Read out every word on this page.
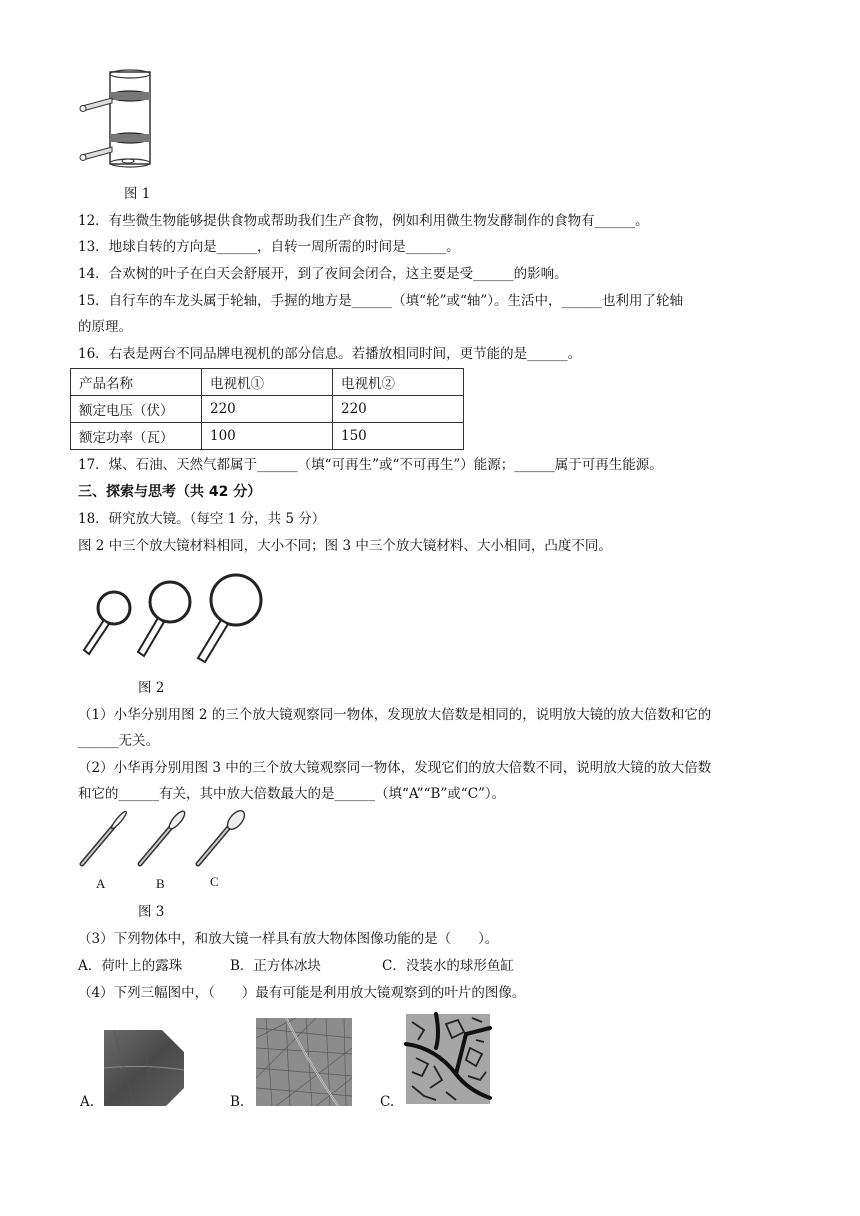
图 1
12．有些微生物能够提供食物或帮助我们生产食物，例如利用微生物发酵制作的食物有______。
13．地球自转的方向是______，自转一周所需的时间是______。
14．合欢树的叶子在白天会舒展开，到了夜间会闭合，这主要是受______的影响。
15．自行车的车龙头属于轮轴，手握的地方是______（填“轮”或“轴”）。生活中，______也利用了轮轴
的原理。
16．右表是两台不同品牌电视机的部分信息。若播放相同时间，更节能的是______。
产品名称	电视机①	电视机②
额定电压（伏）	220	220
额定功率（瓦）	100	150
17．煤、石油、天然气都属于______（填“可再生”或“不可再生”）能源；______属于可再生能源。
三、探索与思考（共 42 分）
18．研究放大镜。（每空 1 分，共 5 分）
图 2 中三个放大镜材料相同，大小不同；图 3 中三个放大镜材料、大小相同，凸度不同。
图 2
（1）小华分别用图 2 的三个放大镜观察同一物体，发现放大倍数是相同的，说明放大镜的放大倍数和它的
______无关。
（2）小华再分别用图 3 中的三个放大镜观察同一物体，发现它们的放大倍数不同，说明放大镜的放大倍数
和它的______有关，其中放大倍数最大的是______（填“A”“B”或“C”）。
A	B	C
图 3
（3）下列物体中，和放大镜一样具有放大物体图像功能的是（　　）。
A．荷叶上的露珠	B．正方体冰块	C．没装水的球形鱼缸
（4）下列三幅图中，（　　）最有可能是利用放大镜观察到的叶片的图像。
A.	B.	C.
